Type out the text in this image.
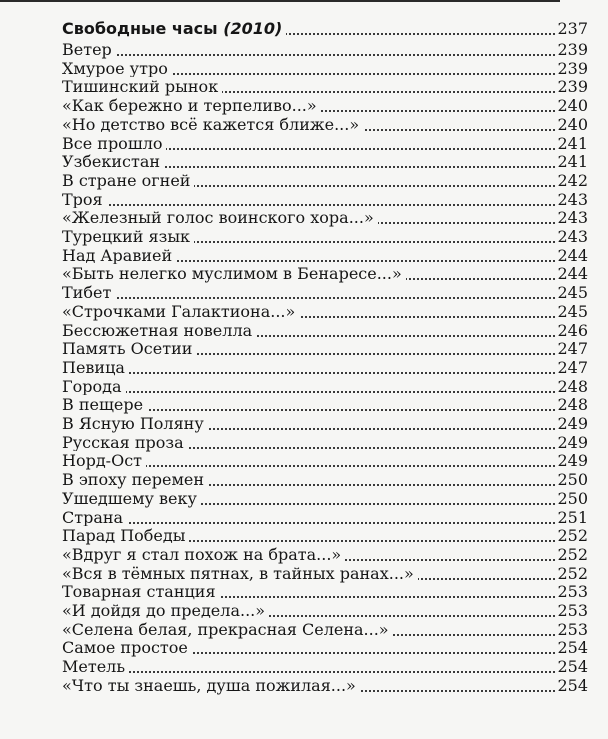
Свободные часы (2010)	237
Ветер	239
Хмурое утро	239
Тишинский рынок	239
«Как бережно и терпеливо...»	240
«Но детство всё кажется ближе...»	240
Все прошло	241
Узбекистан	241
В стране огней	242
Троя	243
«Железный голос воинского хора...»	243
Турецкий язык	243
Над Аравией	244
«Быть нелегко муслимом в Бенаресе...»	244
Тибет	245
«Строчками Галактиона...»	245
Бессюжетная новелла	246
Память Осетии	247
Певица	247
Города	248
В пещере	248
В Ясную Поляну	249
Русская проза	249
Норд-Ост	249
В эпоху перемен	250
Ушедшему веку	250
Страна	251
Парад Победы	252
«Вдруг я стал похож на брата...»	252
«Вся в тёмных пятнах, в тайных ранах...»	252
Товарная станция	253
«И дойдя до предела...»	253
«Селена белая, прекрасная Селена...»	253
Самое простое	254
Метель	254
«Что ты знаешь, душа пожилая...»	254
